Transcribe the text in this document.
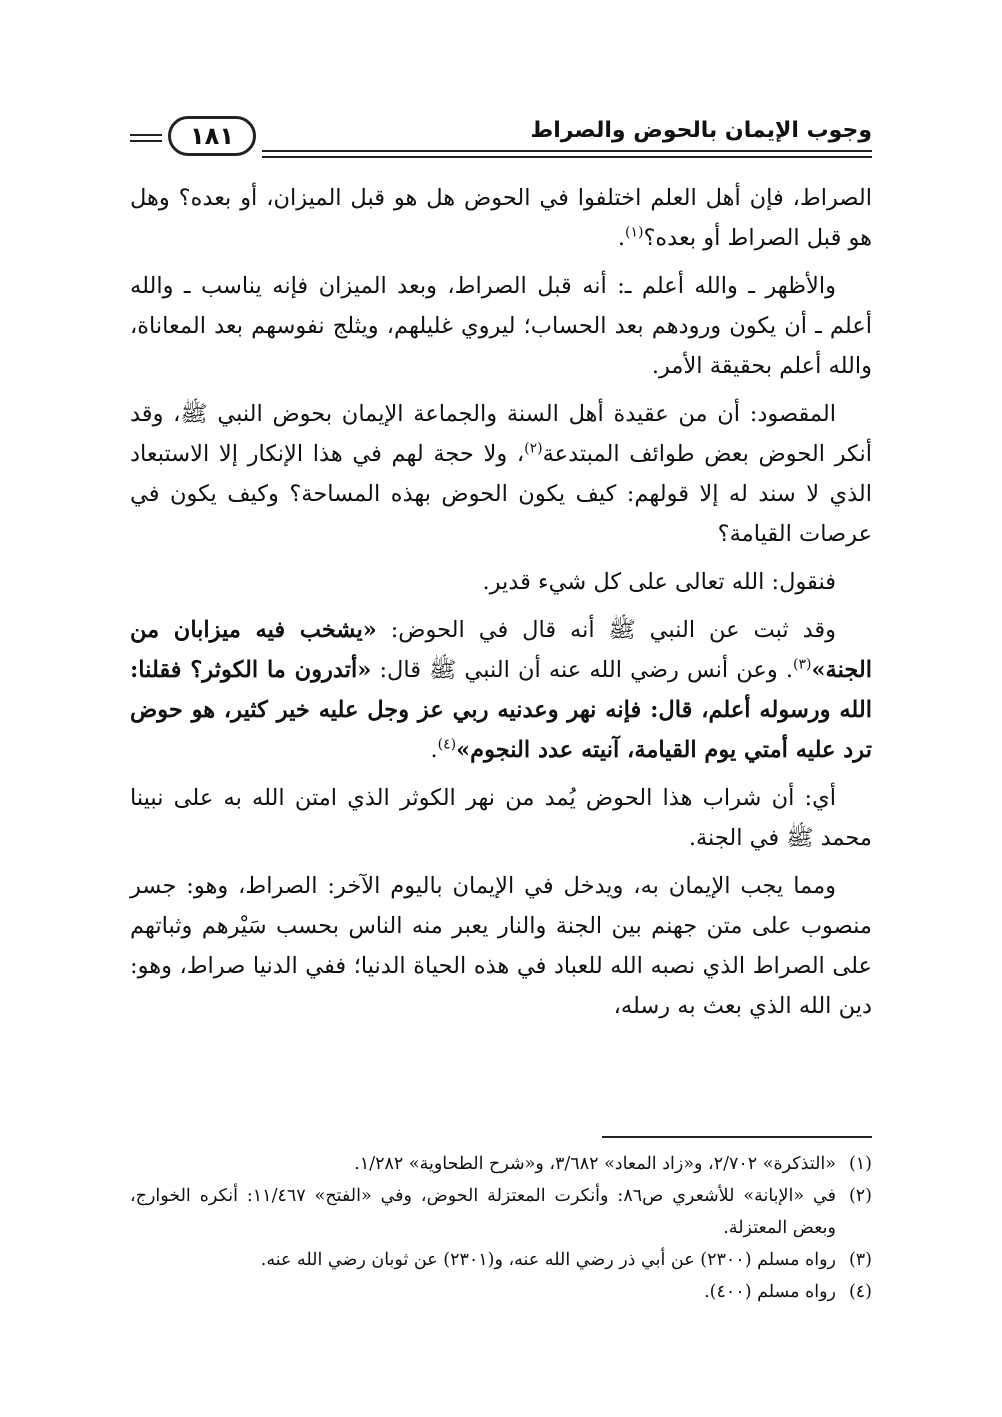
وجوب الإيمان بالحوض والصراط
١٨١

الصراط، فإن أهل العلم اختلفوا في الحوض هل هو قبل الميزان، أو بعده؟ وهل هو قبل الصراط أو بعده؟$^{(١)}$.

والأظهر ـ والله أعلم ـ: أنه قبل الصراط، وبعد الميزان فإنه يناسب ـ والله أعلم ـ أن يكون ورودهم بعد الحساب؛ ليروي غليلهم، ويثلج نفوسهم بعد المعاناة، والله أعلم بحقيقة الأمر.

المقصود: أن من عقيدة أهل السنة والجماعة الإيمان بحوض النبي ﷺ، وقد أنكر الحوض بعض طوائف المبتدعة$^{(٢)}$، ولا حجة لهم في هذا الإنكار إلا الاستبعاد الذي لا سند له إلا قولهم: كيف يكون الحوض بهذه المساحة؟ وكيف يكون في عرصات القيامة؟

فنقول: الله تعالى على كل شيء قدير.

وقد ثبت عن النبي ﷺ أنه قال في الحوض: «يشخب فيه ميزابان من الجنة»$^{(٣)}$. وعن أنس رضي الله عنه أن النبي ﷺ قال: «أتدرون ما الكوثر؟ فقلنا: الله ورسوله أعلم، قال: فإنه نهر وعدنيه ربي عز وجل عليه خير كثير، هو حوض ترد عليه أمتي يوم القيامة، آنيته عدد النجوم»$^{(٤)}$.

أي: أن شراب هذا الحوض يُمد من نهر الكوثر الذي امتن الله به على نبينا محمد ﷺ في الجنة.

ومما يجب الإيمان به، ويدخل في الإيمان باليوم الآخر: الصراط، وهو: جسر منصوب على متن جهنم بين الجنة والنار يعبر منه الناس بحسب سَيْرهم وثباتهم على الصراط الذي نصبه الله للعباد في هذه الحياة الدنيا؛ ففي الدنيا صراط، وهو: دين الله الذي بعث به رسله،

(١)
«التذكرة» ٢/٧٠٢، و«زاد المعاد» ٣/٦٨٢، و«شرح الطحاوية» ١/٢٨٢.

(٢)
في «الإبانة» للأشعري ص٨٦: وأنكرت المعتزلة الحوض، وفي «الفتح» ١١/٤٦٧: أنكره الخوارج، وبعض المعتزلة.

(٣)
رواه مسلم (٢٣٠٠) عن أبي ذر رضي الله عنه، و(٢٣٠١) عن ثوبان رضي الله عنه.

(٤)
رواه مسلم (٤٠٠).
